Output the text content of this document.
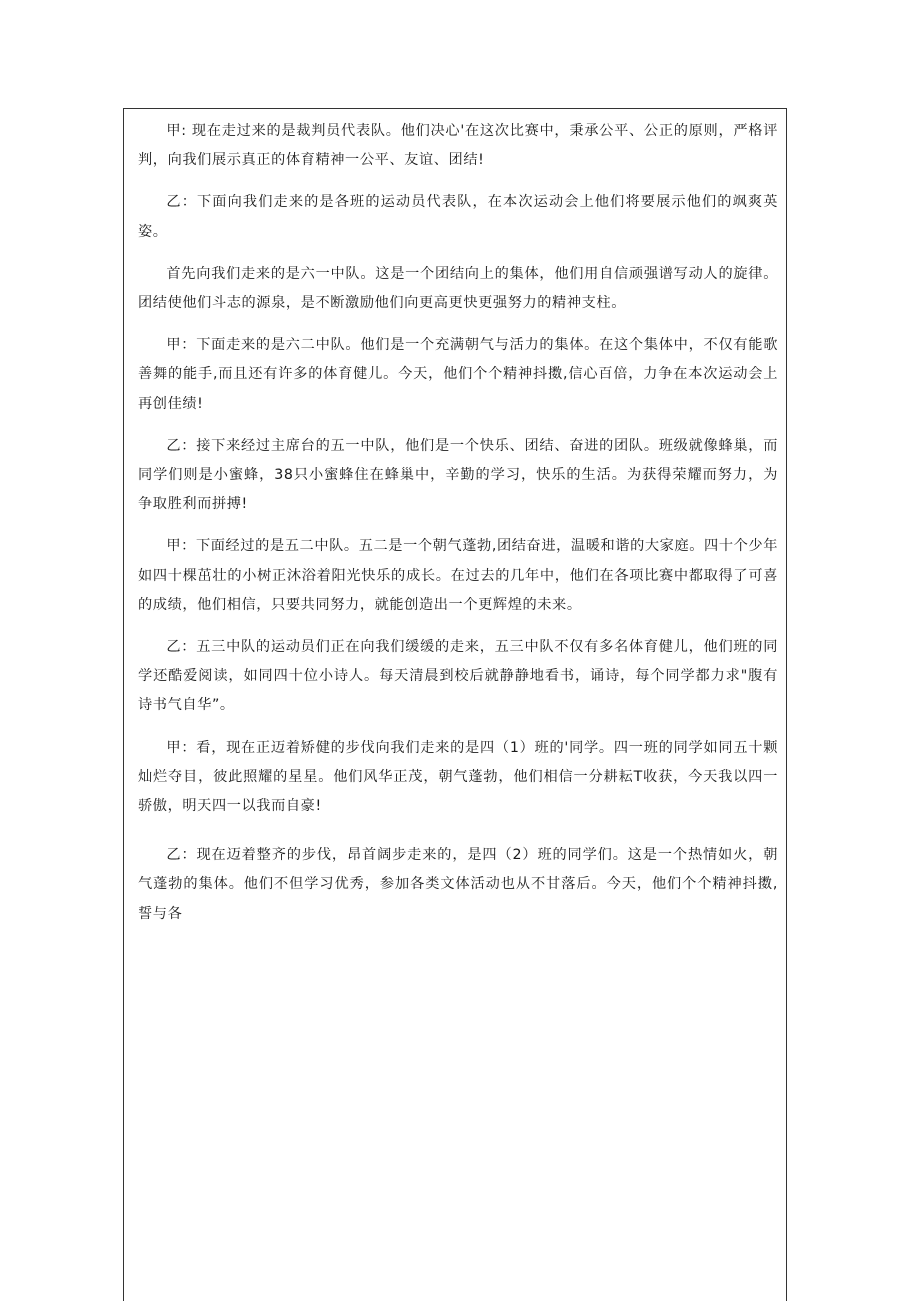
甲: 现在走过来的是裁判员代表队。他们决心'在这次比赛中，秉承公平、公正的原则，严格评判，向我们展示真正的体育精神一公平、友谊、团结!

乙：下面向我们走来的是各班的运动员代表队，在本次运动会上他们将要展示他们的飒爽英姿。

首先向我们走来的是六一中队。这是一个团结向上的集体，他们用自信顽强谱写动人的旋律。团结使他们斗志的源泉，是不断激励他们向更高更快更强努力的精神支柱。

甲：下面走来的是六二中队。他们是一个充满朝气与活力的集体。在这个集体中，不仅有能歌善舞的能手,而且还有许多的体育健儿。今天，他们个个精神抖擞,信心百倍，力争在本次运动会上再创佳绩!

乙：接下来经过主席台的五一中队，他们是一个快乐、团结、奋进的团队。班级就像蜂巢，而同学们则是小蜜蜂，38只小蜜蜂住在蜂巢中，辛勤的学习，快乐的生活。为获得荣耀而努力，为争取胜利而拼搏!

甲：下面经过的是五二中队。五二是一个朝气蓬勃,团结奋进，温暖和谐的大家庭。四十个少年如四十棵茁壮的小树正沐浴着阳光快乐的成长。在过去的几年中，他们在各项比赛中都取得了可喜的成绩，他们相信，只要共同努力，就能创造出一个更辉煌的未来。

乙：五三中队的运动员们正在向我们缓缓的走来，五三中队不仅有多名体育健儿，他们班的同学还酷爱阅读，如同四十位小诗人。每天清晨到校后就静静地看书，诵诗，每个同学都力求"腹有诗书气自华”。

甲：看，现在正迈着矫健的步伐向我们走来的是四（1）班的'同学。四一班的同学如同五十颗灿烂夺目，彼此照耀的星星。他们风华正茂，朝气蓬勃，他们相信一分耕耘T收获，今天我以四一骄傲，明天四一以我而自豪!

乙：现在迈着整齐的步伐，昂首阔步走来的，是四（2）班的同学们。这是一个热情如火，朝气蓬勃的集体。他们不但学习优秀，参加各类文体活动也从不甘落后。今天，他们个个精神抖擞,誓与各
